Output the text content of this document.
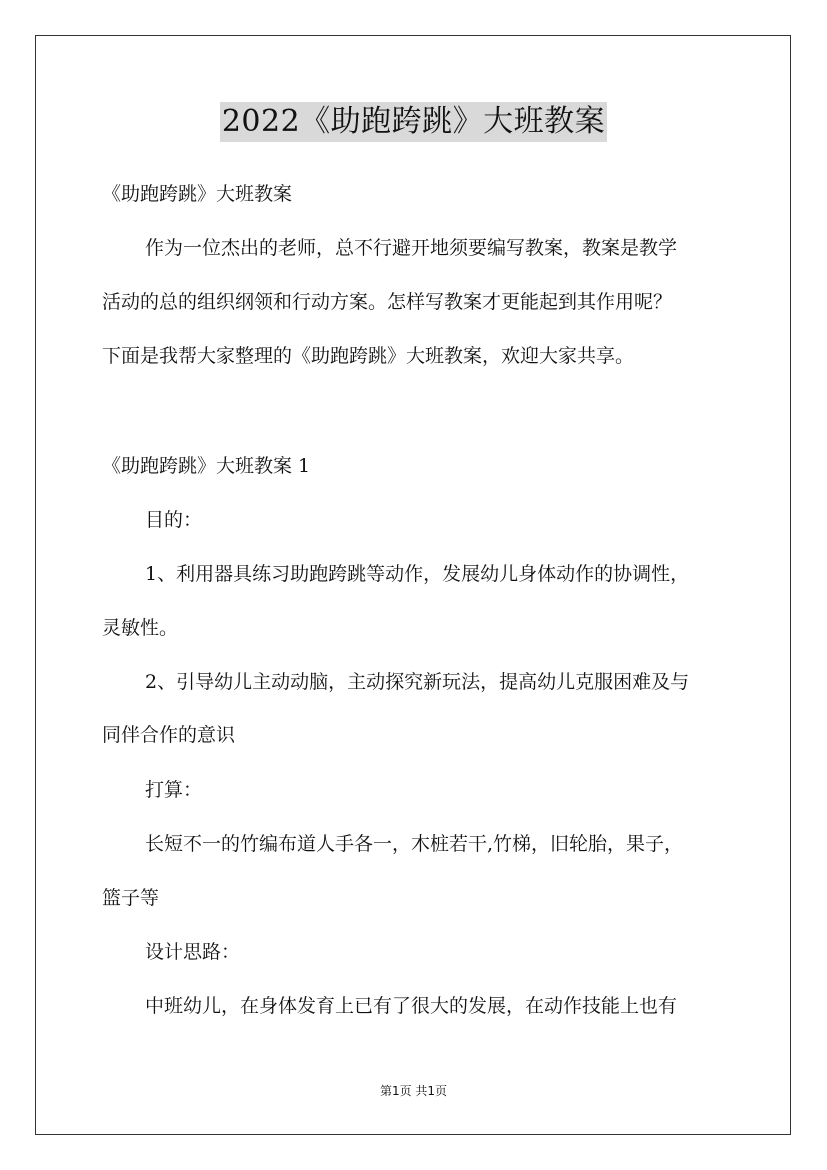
2022《助跑跨跳》大班教案
《助跑跨跳》大班教案
作为一位杰出的老师，总不行避开地须要编写教案，教案是教学
活动的总的组织纲领和行动方案。怎样写教案才更能起到其作用呢？
下面是我帮大家整理的《助跑跨跳》大班教案，欢迎大家共享。
《助跑跨跳》大班教案 1
目的：
1、利用器具练习助跑跨跳等动作，发展幼儿身体动作的协调性，
灵敏性。
2、引导幼儿主动动脑，主动探究新玩法，提高幼儿克服困难及与
同伴合作的意识
打算：
长短不一的竹编布道人手各一，木桩若干,竹梯，旧轮胎，果子，
篮子等
设计思路：
中班幼儿，在身体发育上已有了很大的发展，在动作技能上也有
第1页 共1页
